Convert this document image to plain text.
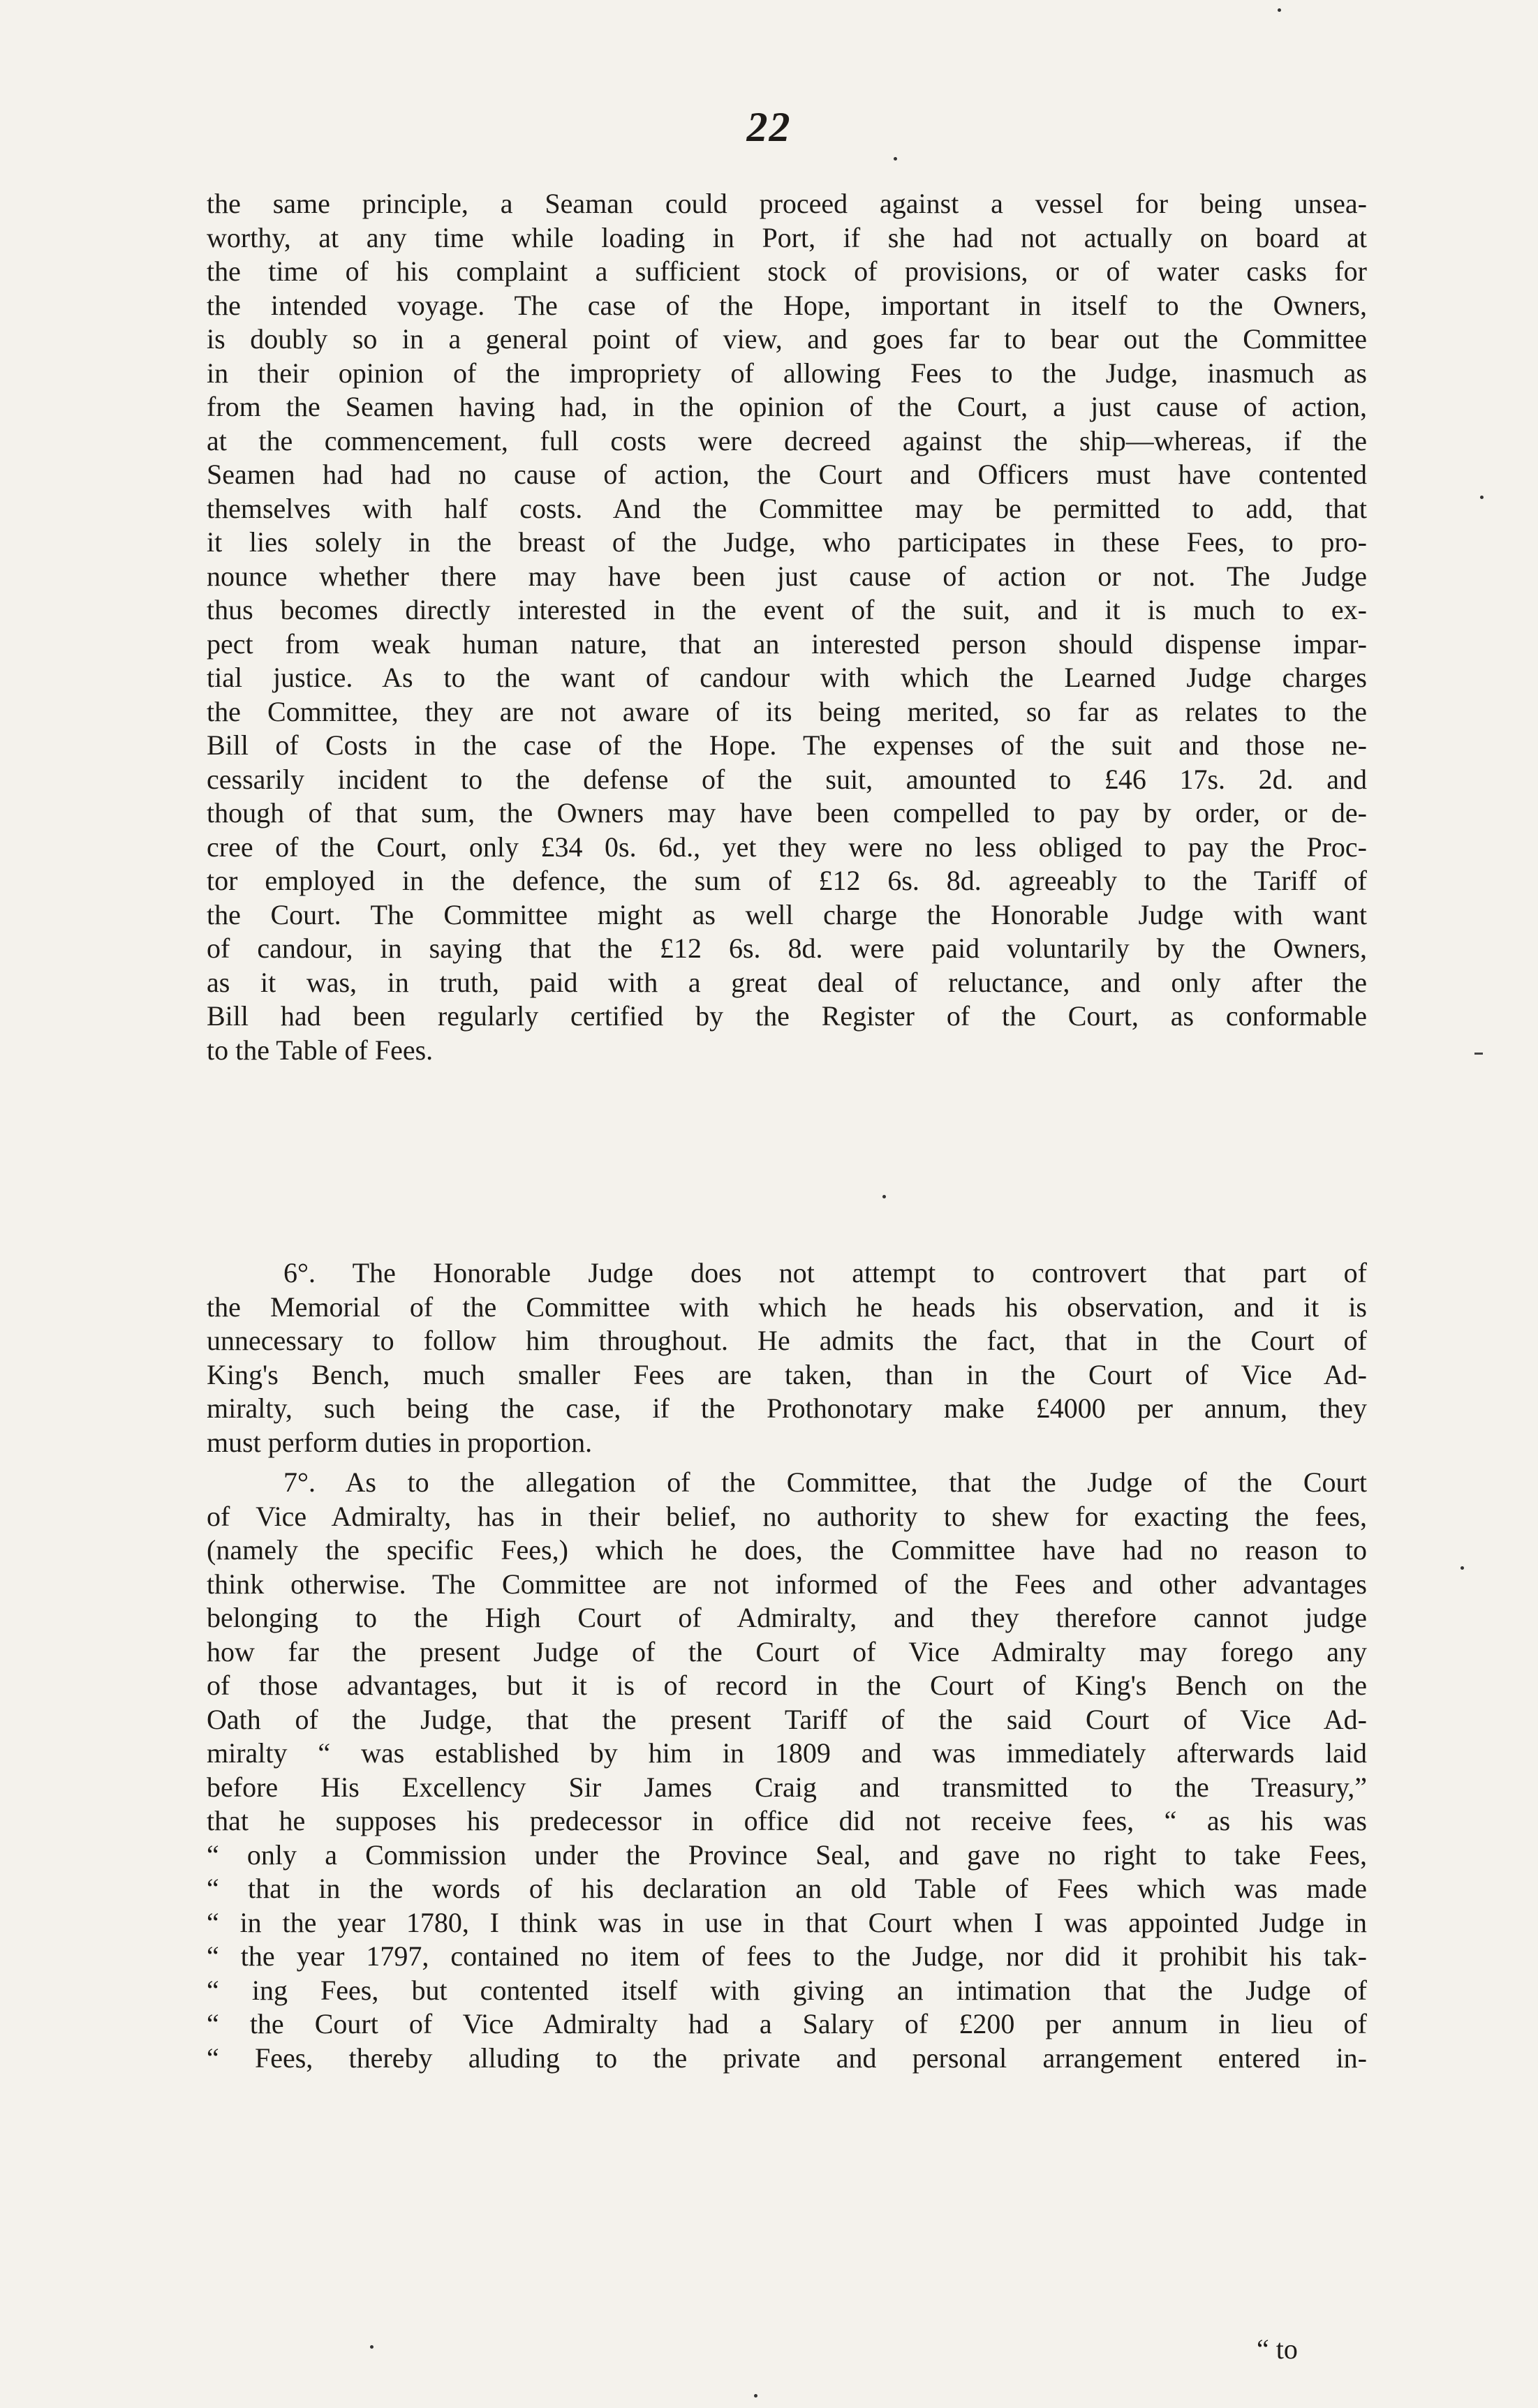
22
the same principle, a Seaman could proceed against a vessel for being unsea-
worthy, at any time while loading in Port, if she had not actually on board at
the time of his complaint a sufficient stock of provisions, or of water casks for
the intended voyage. The case of the Hope, important in itself to the Owners,
is doubly so in a general point of view, and goes far to bear out the Committee
in their opinion of the impropriety of allowing Fees to the Judge, inasmuch as
from the Seamen having had, in the opinion of the Court, a just cause of action,
at the commencement, full costs were decreed against the ship—whereas, if the
Seamen had had no cause of action, the Court and Officers must have contented
themselves with half costs. And the Committee may be permitted to add, that
it lies solely in the breast of the Judge, who participates in these Fees, to pro-
nounce whether there may have been just cause of action or not. The Judge
thus becomes directly interested in the event of the suit, and it is much to ex-
pect from weak human nature, that an interested person should dispense impar-
tial justice. As to the want of candour with which the Learned Judge charges
the Committee, they are not aware of its being merited, so far as relates to the
Bill of Costs in the case of the Hope. The expenses of the suit and those ne-
cessarily incident to the defense of the suit, amounted to £46 17s. 2d. and
though of that sum, the Owners may have been compelled to pay by order, or de-
cree of the Court, only £34 0s. 6d., yet they were no less obliged to pay the Proc-
tor employed in the defence, the sum of £12 6s. 8d. agreeably to the Tariff of
the Court. The Committee might as well charge the Honorable Judge with want
of candour, in saying that the £12 6s. 8d. were paid voluntarily by the Owners,
as it was, in truth, paid with a great deal of reluctance, and only after the
Bill had been regularly certified by the Register of the Court, as conformable
to the Table of Fees.
6°. The Honorable Judge does not attempt to controvert that part of
the Memorial of the Committee with which he heads his observation, and it is
unnecessary to follow him throughout. He admits the fact, that in the Court of
King's Bench, much smaller Fees are taken, than in the Court of Vice Ad-
miralty, such being the case, if the Prothonotary make £4000 per annum, they
must perform duties in proportion.
7°. As to the allegation of the Committee, that the Judge of the Court
of Vice Admiralty, has in their belief, no authority to shew for exacting the fees,
(namely the specific Fees,) which he does, the Committee have had no reason to
think otherwise. The Committee are not informed of the Fees and other advantages
belonging to the High Court of Admiralty, and they therefore cannot judge
how far the present Judge of the Court of Vice Admiralty may forego any
of those advantages, but it is of record in the Court of King's Bench on the
Oath of the Judge, that the present Tariff of the said Court of Vice Ad-
miralty “ was established by him in 1809 and was immediately afterwards laid
before His Excellency Sir James Craig and transmitted to the Treasury,”
that he supposes his predecessor in office did not receive fees, “ as his was
“ only a Commission under the Province Seal, and gave no right to take Fees,
“ that in the words of his declaration an old Table of Fees which was made
“ in the year 1780, I think was in use in that Court when I was appointed Judge in
“ the year 1797, contained no item of fees to the Judge, nor did it prohibit his tak-
“ ing Fees, but contented itself with giving an intimation that the Judge of
“ the Court of Vice Admiralty had a Salary of £200 per annum in lieu of
“ Fees, thereby alluding to the private and personal arrangement entered in-
“ to
